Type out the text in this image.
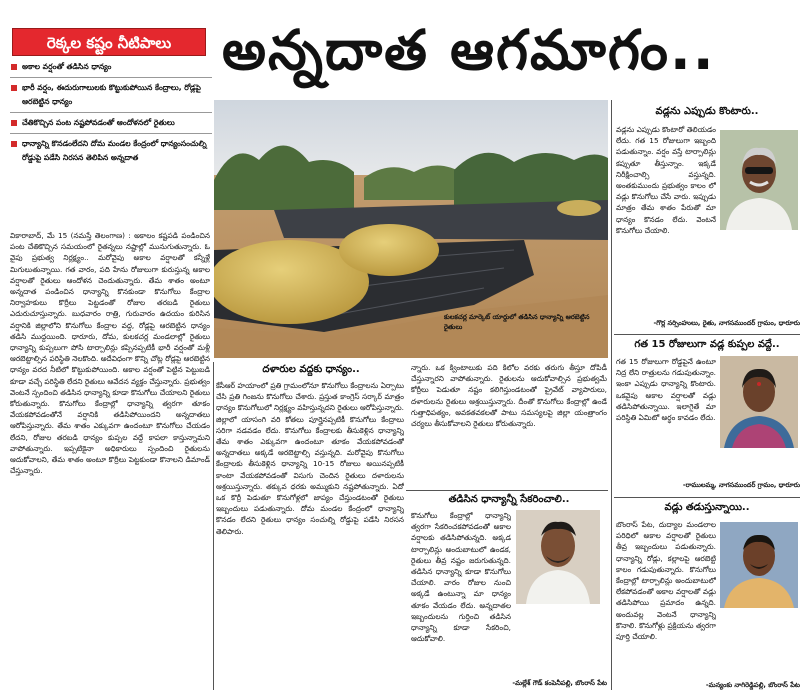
రెక్కల కష్టం నీటిపాలు అన్నదాత ఆగమాగం..
అకాల వర్షంతో తడిసిన ధాన్యం
భారీ వర్షం, ఈదురుగాలులకు కొట్టుకుపోయిన కేంద్రాలు, రోడ్లపై ఆరబెట్టిన ధాన్యం
చేతికొచ్చిన పంట నష్టపోవడంతో ఆందోళనలో రైతులు
ధాన్యాన్ని కొనడంలేదని దోమ మండల కేంద్రంలో ధాన్యంసంచుల్ని రోడ్డుపై పడేసి నిరసన తెలిపిన అన్నదాత
వికారాబాద్, మే 15 (నమస్తే తెలంగాణ) : అకాలం కష్టపడి పండించిన పంట చేతికొచ్చిన సమయంలో రైతన్నలు నష్టాల్లో మునుగుతున్నారు. ఓ వైపు ప్రభుత్వ నిర్లక్ష్యం.. మరోవైపు అకాల వర్షాలతో కన్నీళ్లే మిగులుతున్నాయి. గత వారం, పది హేను రోజులుగా కురుస్తున్న అకాల వర్షాలతో రైతులు ఆందోళన చెందుతున్నారు. తేమ శాతం అంటూ అన్నదాత పండించిన ధాన్యాన్ని కొనకుండా కొనుగోలు కేంద్రాల నిర్వాహకులు కొర్రీలు పెట్టడంతో రోజుల తరబడి రైతులు ఎదురుచూస్తున్నారు. బుధవారం రాత్రి, గురువారం ఉదయం కురిసిన వర్షానికి జిల్లాలోని కొనుగోలు కేంద్రాల వద్ద, రోడ్లపై ఆరబెట్టిన ధాన్యం తడిసి ముద్దయింది. ధారూరు, దోమ, కులకచర్ల మండలాల్లో రైతులు ధాన్యాన్ని కుప్పలుగా పోసి టార్పాలిన్లు కప్పినప్పటికీ భారీ వర్షంతో మళ్లీ ఆరబెట్టాల్సిన పరిస్థితి నెలకొంది. అదేవిధంగా కొన్ని చోట్ల రోడ్లపై ఆరబెట్టిన ధాన్యం వరద నీటిలో కొట్టుకుపోయింది. అకాల వర్షంతో పెట్టిన పెట్టుబడి కూడా వచ్చే పరిస్థితి లేదని రైతులు ఆవేదన వ్యక్తం చేస్తున్నారు. ప్రభుత్వం వెంటనే స్పందించి తడిసిన ధాన్యాన్ని కూడా కొనుగోలు చేయాలని రైతులు కోరుతున్నారు. కొనుగోలు కేంద్రాల్లో ధాన్యాన్ని త్వరగా తూకం వేయకపోవడంతోనే వర్షానికి తడిసిపోయిందని అన్నదాతలు ఆరోపిస్తున్నారు. తేమ శాతం ఎక్కువగా ఉందంటూ కొనుగోలు చేయడం లేదని, రోజుల తరబడి ధాన్యం కుప్పల వద్దే కాపలా కాస్తున్నామని వాపోతున్నారు. ఇప్పటికైనా అధికారులు స్పందించి రైతులను ఆదుకోవాలని, తేమ శాతం అంటూ కొర్రీలు పెట్టకుండా కొనాలని డిమాండ్ చేస్తున్నారు.
కులకచర్ల మార్కెట్ యార్డులో తడిసిన ధాన్యాన్ని ఆరబెట్టిన రైతులు
దళారుల వద్దకు ధాన్యం..
కేసీఆర్ హయాంలో ప్రతి గ్రామంలోనూ కొనుగోలు కేంద్రాలను ఏర్పాటు చేసి ప్రతి గింజను కొనుగోలు చేశారు. ప్రస్తుత కాంగ్రెస్ సర్కార్ మాత్రం ధాన్యం కొనుగోలులో నిర్లక్ష్యం వహిస్తున్నదని రైతులు ఆరోపిస్తున్నారు. జిల్లాలో యాసంగి వరి కోతలు పూర్తైనప్పటికీ కొనుగోలు కేంద్రాలు సరిగా నడవడం లేదు. కొనుగోలు కేంద్రాలకు తీసుకెళ్లిన ధాన్యాన్ని తేమ శాతం ఎక్కువగా ఉందంటూ తూకం వేయకపోవడంతో అన్నదాతలు అక్కడే ఆరబెట్టాల్సి వస్తున్నది. మరోవైపు కొనుగోలు కేంద్రాలకు తీసుకెళ్లిన ధాన్యాన్ని 10-15 రోజులు అయినప్పటికీ కాంటా వేయకపోవడంతో విసుగు చెందిన రైతులు దళారులను ఆశ్రయిస్తున్నారు. తక్కువ ధరకు అమ్ముకుని నష్టపోతున్నారు. ఏదో ఒక కొర్రీ పెడుతూ కొనుగోళ్లలో జాప్యం చేస్తుండటంతో రైతులు ఇబ్బందులు పడుతున్నారు. దోమ మండల కేంద్రంలో ధాన్యాన్ని కొనడం లేదని రైతులు ధాన్యం సంచుల్ని రోడ్డుపై పడేసి నిరసన తెలిపారు.
న్నారు. ఒక క్వింటాలుకు పది కిలోల వరకు తరుగు తీస్తూ దోపిడీ చేస్తున్నారని వాపోతున్నారు. రైతులను ఆదుకోవాల్సిన ప్రభుత్వమే కోర్రీలు పెడుతూ నష్టం కలిగిస్తుండటంతో ప్రైవేట్ వ్యాపారులు, దళారులను రైతులు ఆశ్రయిస్తున్నారు. దీంతో కొనుగోలు కేంద్రాల్లో ఉండే గుత్తాధిపత్యం, అవకతవకలతో పాటు సమస్యలపై జిల్లా యంత్రాంగం చర్యలు తీసుకోవాలని రైతులు కోరుతున్నారు.
తడిసిన ధాన్యాన్నీ సేకరించాలి..
కొనుగోలు కేంద్రాల్లో ధాన్యాన్ని త్వరగా సేకరించకపోవడంతో అకాల వర్షాలకు తడిసిపోతున్నది. అక్కడ టార్పాలిన్లు అందుబాటులో ఉండక, రైతులు తీవ్ర నష్టం జరుగుతున్నది. తడిసిన ధాన్యాన్ని కూడా కొనుగోలు చేయాలి. వారం రోజుల నుంచి అక్కడే ఉంటున్నా మా ధాన్యం తూకం వేయడం లేదు. అన్నదాతల ఇబ్బందులను గుర్తించి తడిసిన ధాన్యాన్ని కూడా సేకరించి, ఆదుకోవాలి.
-మల్లేశ్ గౌడ్ కంపెనీపల్లి, బొంరాస్ పేట
వడ్లను ఎప్పుడు కొంటారు..
వడ్లను ఎప్పుడు కొంటారో తెలియడం లేదు. గత 15 రోజులుగా ఇబ్బంది పడుతున్నాం. వర్షం వస్తే టార్పాలిన్లు కప్పుతూ తీస్తున్నాం. ఇక్కడే నిరీక్షించాల్సి వస్తున్నది. అంతకుముందు ప్రభుత్వం కాలం లో వడ్లు కొనుగోలు చేసే వారు. ఇప్పుడు మాత్రం తేమ శాతం పేరుతో మా ధాన్యం కొనడం లేదు. వెంటనే కొనుగోలు చేయాలి.
-గొర్ల నర్సింహులు, రైతు, నాగసముందర్ గ్రామం, ధారూరు
గత 15 రోజులుగా వడ్ల కుప్పల వద్దే..
గత 15 రోజులుగా రోడ్డపైనే ఉంటూ నిద్ర లేని రాత్రులను గడుపుతున్నాం. ఇంకా ఎప్పుడు ధాన్యాన్ని కొంటారు. ఒకవైపు అకాల వర్షాలతో వడ్లు తడిసిపోతున్నాయి. ఇలాగైతే మా పరిస్థితి ఏమిటో అర్థం కావడం లేదు.
-రాములమ్మ, నాగసముందర్ గ్రామం, ధారూరు
వడ్లు తడుస్తున్నాయి..
బొంరాస్ పేట, దుద్యాల మండలాల పరిధిలో అకాల వర్షాలతో రైతులు తీవ్ర ఇబ్బందులు పడుతున్నారు. ధాన్యాన్ని రోడ్లు, కల్లాలపై ఆరబెట్టి కాలం గడుపుతున్నారు. కొనుగోలు కేంద్రాల్లో టార్పాలిన్లు అందుబాటులో లేకపోవడంతో అకాల వర్షాలతో వడ్లు తడిసిపోయి ప్రమాదం ఉన్నది. అందువల్ల వెంటనే ధాన్యాన్ని కొనాలి. కొనుగోళ్లు ప్రక్రియను త్వరగా పూర్తి చేయాలి.
-మన్యంకు నాగిరెడ్డిపల్లి, బొంరాస్ పేట
